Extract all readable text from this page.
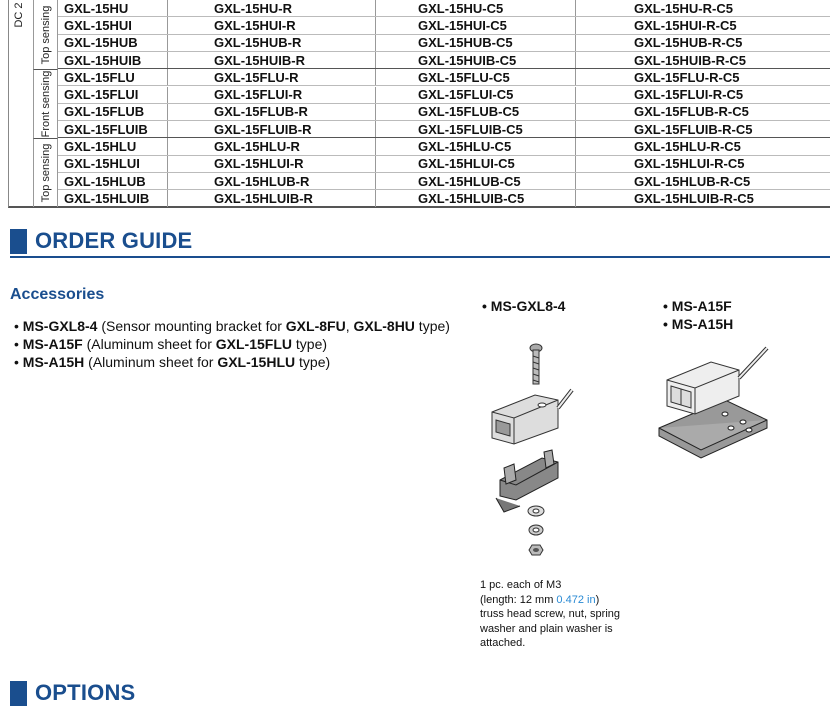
DC 2 Top sensing
Front sensing
Top sensing
GXL-15HU	GXL-15HU-R	GXL-15HU-C5	GXL-15HU-R-C5
GXL-15HUI	GXL-15HUI-R	GXL-15HUI-C5	GXL-15HUI-R-C5
GXL-15HUB	GXL-15HUB-R	GXL-15HUB-C5	GXL-15HUB-R-C5
GXL-15HUIB	GXL-15HUIB-R	GXL-15HUIB-C5	GXL-15HUIB-R-C5
GXL-15FLU	GXL-15FLU-R	GXL-15FLU-C5	GXL-15FLU-R-C5
GXL-15FLUI	GXL-15FLUI-R	GXL-15FLUI-C5	GXL-15FLUI-R-C5
GXL-15FLUB	GXL-15FLUB-R	GXL-15FLUB-C5	GXL-15FLUB-R-C5
GXL-15FLUIB	GXL-15FLUIB-R	GXL-15FLUIB-C5	GXL-15FLUIB-R-C5
GXL-15HLU	GXL-15HLU-R	GXL-15HLU-C5	GXL-15HLU-R-C5
GXL-15HLUI	GXL-15HLUI-R	GXL-15HLUI-C5	GXL-15HLUI-R-C5
GXL-15HLUB	GXL-15HLUB-R	GXL-15HLUB-C5	GXL-15HLUB-R-C5
GXL-15HLUIB	GXL-15HLUIB-R	GXL-15HLUIB-C5	GXL-15HLUIB-R-C5
ORDER GUIDE
Accessories
• MS-GXL8-4 (Sensor mounting bracket for GXL-8FU, GXL-8HU type)
• MS-A15F (Aluminum sheet for GXL-15FLU type)
• MS-A15H (Aluminum sheet for GXL-15HLU type)
• MS-GXL8-4	• MS-A15F
• MS-A15H
1 pc. each of M3
(length: 12 mm 0.472 in)
truss head screw, nut, spring
washer and plain washer is
attached.
OPTIONS
